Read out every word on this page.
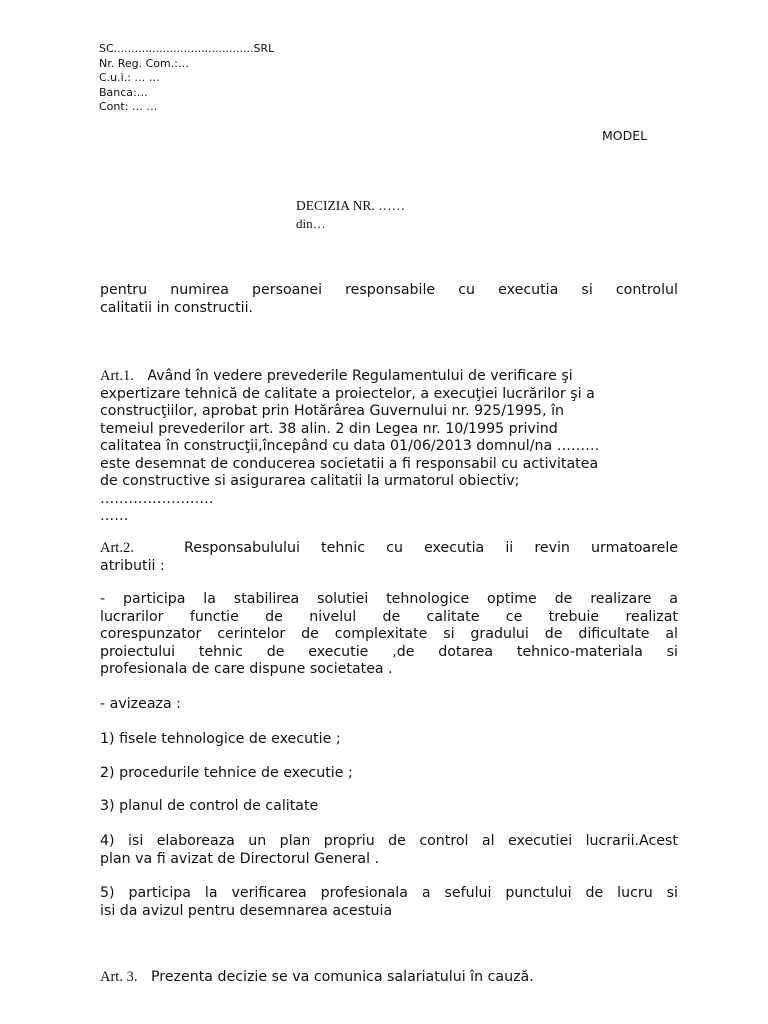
SC........................................SRL
Nr. Reg. Com.:…
C.u.i.: … …
Banca:…
Cont: … …
MODEL
DECIZIA NR. ……
din…
pentru numirea persoanei responsabile cu executia si controlul
calitatii in constructii.
Art.1. Având în vedere prevederile Regulamentului de verificare şi
expertizare tehnică de calitate a proiectelor, a execuţiei lucrărilor şi a
construcţiilor, aprobat prin Hotărârea Guvernului nr. 925/1995, în
temeiul prevederilor art. 38 alin. 2 din Legea nr. 10/1995 privind
calitatea în construcţii,începând cu data 01/06/2013 domnul/na ………
este desemnat de conducerea societatii a fi responsabil cu activitatea
de constructive si asigurarea calitatii la urmatorul obiectiv;
……………………
……
Art.2.	Responsabulului tehnic cu executia ii revin urmatoarele
atributii :
- participa la stabilirea solutiei tehnologice optime de realizare a
lucrarilor functie de nivelul de calitate ce trebuie realizat
corespunzator cerintelor de complexitate si gradului de dificultate al
proiectului tehnic de executie ,de dotarea tehnico-materiala si
profesionala de care dispune societatea .
- avizeaza :
1) fisele tehnologice de executie ;
2) procedurile tehnice de executie ;
3) planul de control de calitate
4) isi elaboreaza un plan propriu de control al executiei lucrarii.Acest
plan va fi avizat de Directorul General .
5) participa la verificarea profesionala a sefului punctului de lucru si
isi da avizul pentru desemnarea acestuia
Art. 3. Prezenta decizie se va comunica salariatului în cauză.
